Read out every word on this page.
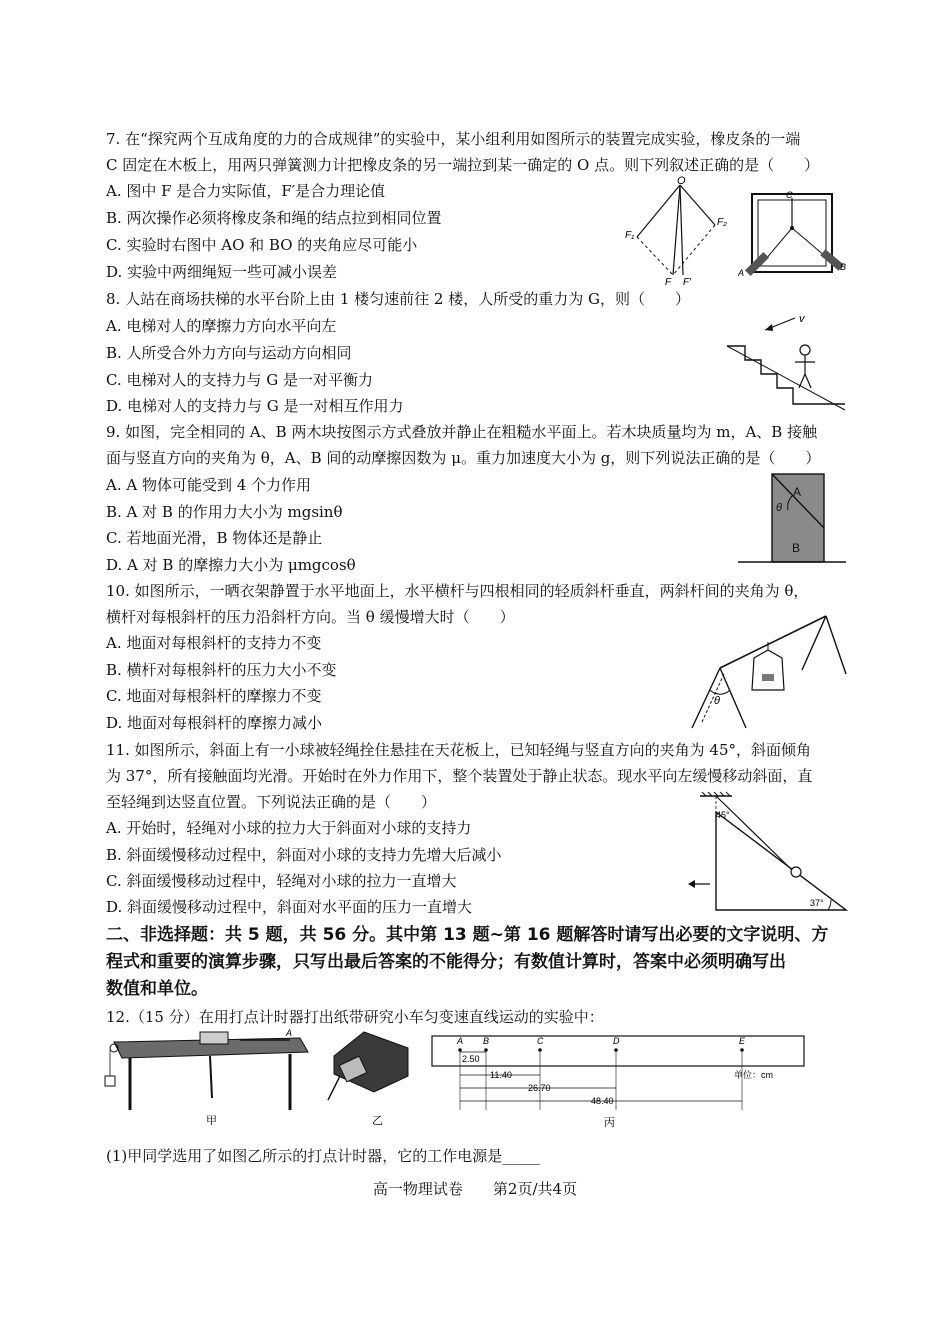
7. 在“探究两个互成角度的力的合成规律”的实验中，某小组利用如图所示的装置完成实验，橡皮条的一端
C 固定在木板上，用两只弹簧测力计把橡皮条的另一端拉到某一确定的 O 点。则下列叙述正确的是（　　）
A. 图中 F 是合力实际值，F′是合力理论值
B. 两次操作必须将橡皮条和绳的结点拉到相同位置
C. 实验时右图中 AO 和 BO 的夹角应尽可能小
D. 实验中两细绳短一些可减小误差
O
F₁
F₂
F F′
C
A
B
8. 人站在商场扶梯的水平台阶上由 1 楼匀速前往 2 楼，人所受的重力为 G，则（　　）
A. 电梯对人的摩擦力方向水平向左
B. 人所受合外力方向与运动方向相同
C. 电梯对人的支持力与 G 是一对平衡力
D. 电梯对人的支持力与 G 是一对相互作用力
v
9. 如图，完全相同的 A、B 两木块按图示方式叠放并静止在粗糙水平面上。若木块质量均为 m，A、B 接触
面与竖直方向的夹角为 θ，A、B 间的动摩擦因数为 μ。重力加速度大小为 g，则下列说法正确的是（　　）
A. A 物体可能受到 4 个力作用
B. A 对 B 的作用力大小为 mgsinθ
C. 若地面光滑，B 物体还是静止
D. A 对 B 的摩擦力大小为 μmgcosθ
A
θ
B
10. 如图所示，一晒衣架静置于水平地面上，水平横杆与四根相同的轻质斜杆垂直，两斜杆间的夹角为 θ，
横杆对每根斜杆的压力沿斜杆方向。当 θ 缓慢增大时（　　）
A. 地面对每根斜杆的支持力不变
B. 横杆对每根斜杆的压力大小不变
C. 地面对每根斜杆的摩擦力不变
D. 地面对每根斜杆的摩擦力减小
θ
11. 如图所示，斜面上有一小球被轻绳拴住悬挂在天花板上，已知轻绳与竖直方向的夹角为 45°，斜面倾角
为 37°，所有接触面均光滑。开始时在外力作用下，整个装置处于静止状态。现水平向左缓慢移动斜面，直
至轻绳到达竖直位置。下列说法正确的是（　　）
A. 开始时，轻绳对小球的拉力大于斜面对小球的支持力
B. 斜面缓慢移动过程中，斜面对小球的支持力先增大后减小
C. 斜面缓慢移动过程中，轻绳对小球的拉力一直增大
D. 斜面缓慢移动过程中，斜面对水平面的压力一直增大
45°
37°
二、非选择题：共 5 题，共 56 分。其中第 13 题~第 16 题解答时请写出必要的文字说明、方
程式和重要的演算步骤，只写出最后答案的不能得分；有数值计算时，答案中必须明确写出
数值和单位。
12.（15 分）在用打点计时器打出纸带研究小车匀变速直线运动的实验中：
A
甲	乙
A B	C	D	E
2.50
11.40
26.70
48.40
单位：cm
丙
(1)甲同学选用了如图乙所示的打点计时器，它的工作电源是_____
高一物理试卷　　第2页/共4页
